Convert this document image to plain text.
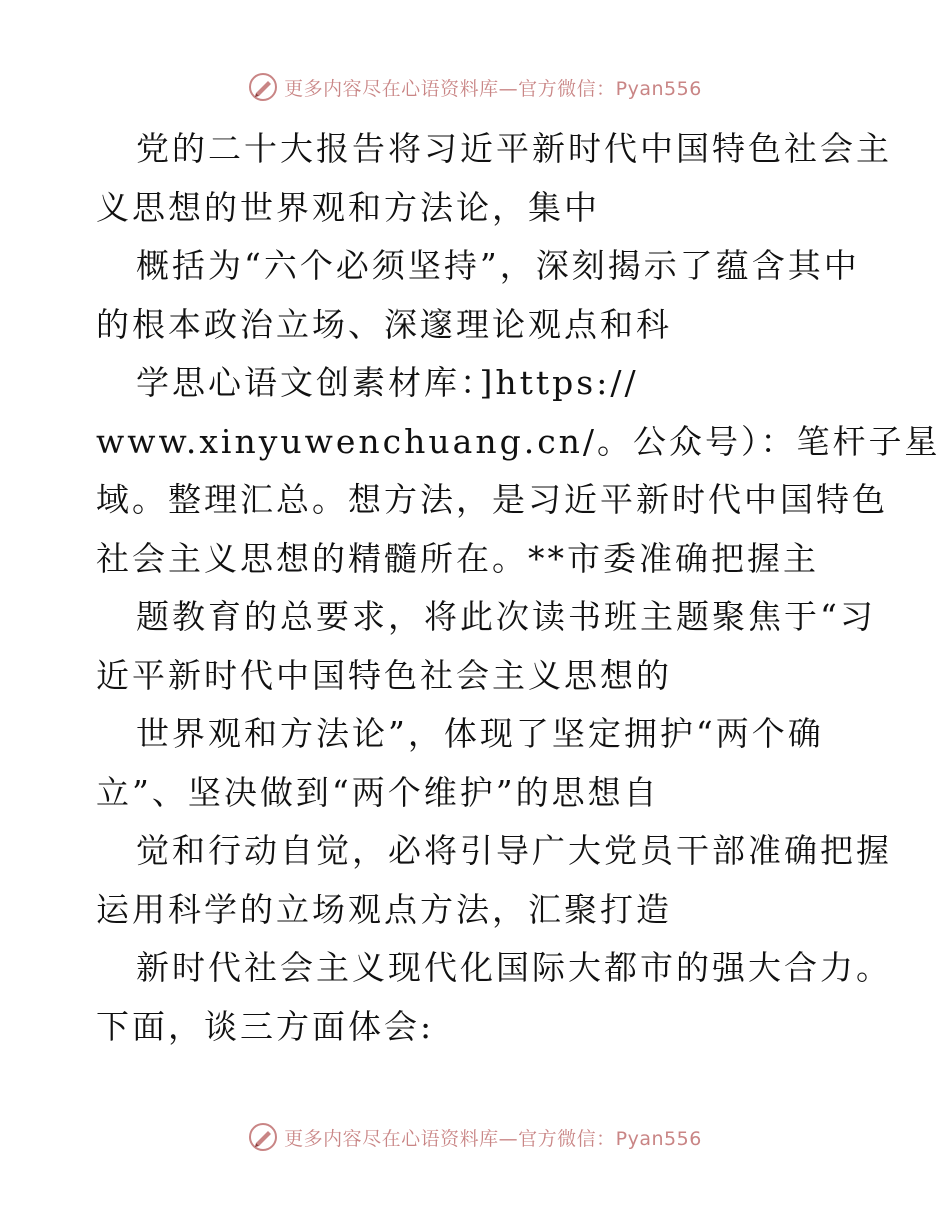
更多内容尽在心语资料库—官方微信：Pyan556
党的二十大报告将习近平新时代中国特色社会主
义思想的世界观和方法论，集中
概括为“六个必须坚持”，深刻揭示了蕴含其中
的根本政治立场、深邃理论观点和科
学思心语文创素材库：]https://
www.xinyuwenchuang.cn/。公众号）：笔杆子星
域。整理汇总。想方法，是习近平新时代中国特色
社会主义思想的精髓所在。**市委准确把握主
题教育的总要求，将此次读书班主题聚焦于“习
近平新时代中国特色社会主义思想的
世界观和方法论”，体现了坚定拥护“两个确
立”、坚决做到“两个维护”的思想自
觉和行动自觉，必将引导广大党员干部准确把握
运用科学的立场观点方法，汇聚打造
新时代社会主义现代化国际大都市的强大合力。
下面，谈三方面体会:
更多内容尽在心语资料库—官方微信：Pyan556
